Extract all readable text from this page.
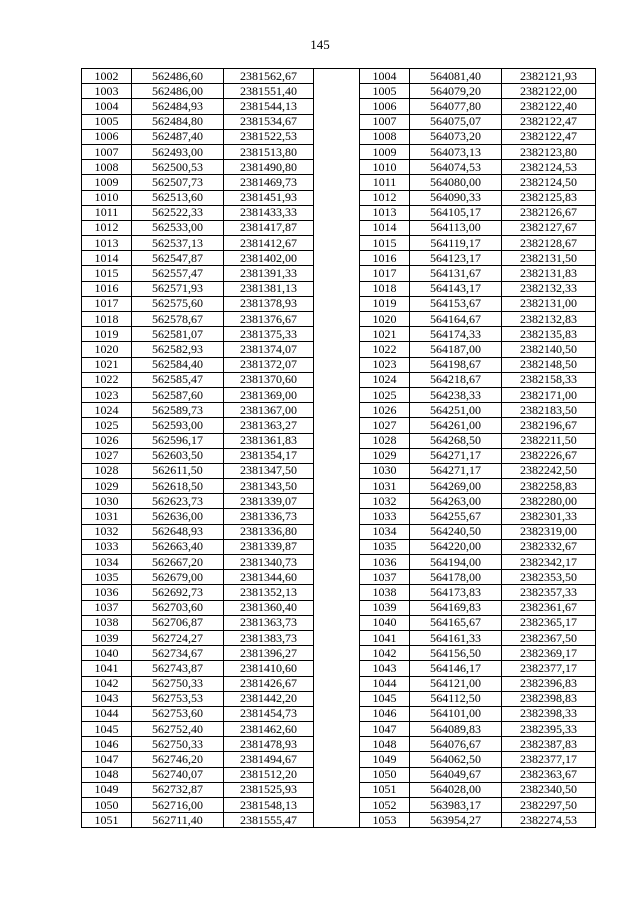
145
1002	562486,60	2381562,67		1004	564081,40	2382121,93
1003	562486,00	2381551,40		1005	564079,20	2382122,00
1004	562484,93	2381544,13		1006	564077,80	2382122,40
1005	562484,80	2381534,67		1007	564075,07	2382122,47
1006	562487,40	2381522,53		1008	564073,20	2382122,47
1007	562493,00	2381513,80		1009	564073,13	2382123,80
1008	562500,53	2381490,80		1010	564074,53	2382124,53
1009	562507,73	2381469,73		1011	564080,00	2382124,50
1010	562513,60	2381451,93		1012	564090,33	2382125,83
1011	562522,33	2381433,33		1013	564105,17	2382126,67
1012	562533,00	2381417,87		1014	564113,00	2382127,67
1013	562537,13	2381412,67		1015	564119,17	2382128,67
1014	562547,87	2381402,00		1016	564123,17	2382131,50
1015	562557,47	2381391,33		1017	564131,67	2382131,83
1016	562571,93	2381381,13		1018	564143,17	2382132,33
1017	562575,60	2381378,93		1019	564153,67	2382131,00
1018	562578,67	2381376,67		1020	564164,67	2382132,83
1019	562581,07	2381375,33		1021	564174,33	2382135,83
1020	562582,93	2381374,07		1022	564187,00	2382140,50
1021	562584,40	2381372,07		1023	564198,67	2382148,50
1022	562585,47	2381370,60		1024	564218,67	2382158,33
1023	562587,60	2381369,00		1025	564238,33	2382171,00
1024	562589,73	2381367,00		1026	564251,00	2382183,50
1025	562593,00	2381363,27		1027	564261,00	2382196,67
1026	562596,17	2381361,83		1028	564268,50	2382211,50
1027	562603,50	2381354,17		1029	564271,17	2382226,67
1028	562611,50	2381347,50		1030	564271,17	2382242,50
1029	562618,50	2381343,50		1031	564269,00	2382258,83
1030	562623,73	2381339,07		1032	564263,00	2382280,00
1031	562636,00	2381336,73		1033	564255,67	2382301,33
1032	562648,93	2381336,80		1034	564240,50	2382319,00
1033	562663,40	2381339,87		1035	564220,00	2382332,67
1034	562667,20	2381340,73		1036	564194,00	2382342,17
1035	562679,00	2381344,60		1037	564178,00	2382353,50
1036	562692,73	2381352,13		1038	564173,83	2382357,33
1037	562703,60	2381360,40		1039	564169,83	2382361,67
1038	562706,87	2381363,73		1040	564165,67	2382365,17
1039	562724,27	2381383,73		1041	564161,33	2382367,50
1040	562734,67	2381396,27		1042	564156,50	2382369,17
1041	562743,87	2381410,60		1043	564146,17	2382377,17
1042	562750,33	2381426,67		1044	564121,00	2382396,83
1043	562753,53	2381442,20		1045	564112,50	2382398,83
1044	562753,60	2381454,73		1046	564101,00	2382398,33
1045	562752,40	2381462,60		1047	564089,83	2382395,33
1046	562750,33	2381478,93		1048	564076,67	2382387,83
1047	562746,20	2381494,67		1049	564062,50	2382377,17
1048	562740,07	2381512,20		1050	564049,67	2382363,67
1049	562732,87	2381525,93		1051	564028,00	2382340,50
1050	562716,00	2381548,13		1052	563983,17	2382297,50
1051	562711,40	2381555,47		1053	563954,27	2382274,53
